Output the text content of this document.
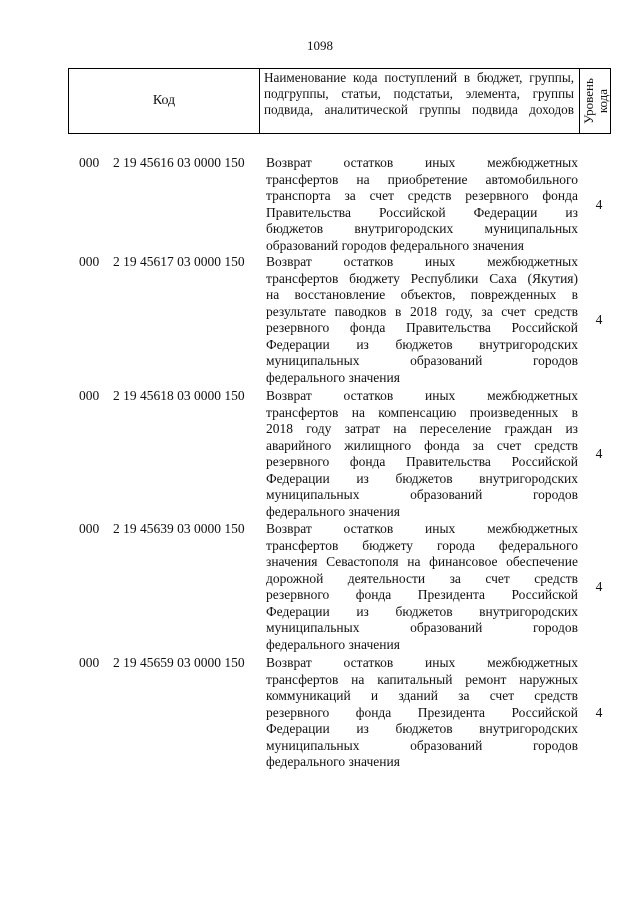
1098
Код
Наименование кода поступлений в бюджет, группы, подгруппы, статьи, подстатьи, элемента, группы подвида, аналитической группы подвида доходов Уровень кода
000 2 19 45616 03 0000 150 Возврат остатков иных межбюджетных
трансфертов на приобретение автомобильного
транспорта за счет средств резервного фонда
Правительства Российской Федерации из
бюджетов внутригородских муниципальных
образований городов федерального значения
4
000 2 19 45617 03 0000 150 Возврат остатков иных межбюджетных
трансфертов бюджету Республики Саха (Якутия)
на восстановление объектов, поврежденных в
результате паводков в 2018 году, за счет средств
резервного фонда Правительства Российской
Федерации из бюджетов внутригородских
муниципальных образований городов
федерального значения
4
000 2 19 45618 03 0000 150 Возврат остатков иных межбюджетных
трансфертов на компенсацию произведенных в
2018 году затрат на переселение граждан из
аварийного жилищного фонда за счет средств
резервного фонда Правительства Российской
Федерации из бюджетов внутригородских
муниципальных образований городов
федерального значения
4
000 2 19 45639 03 0000 150 Возврат остатков иных межбюджетных
трансфертов бюджету города федерального
значения Севастополя на финансовое обеспечение
дорожной деятельности за счет средств
резервного фонда Президента Российской
Федерации из бюджетов внутригородских
муниципальных образований городов
федерального значения
4
000 2 19 45659 03 0000 150 Возврат остатков иных межбюджетных
трансфертов на капитальный ремонт наружных
коммуникаций и зданий за счет средств
резервного фонда Президента Российской
Федерации из бюджетов внутригородских
муниципальных образований городов
федерального значения
4
